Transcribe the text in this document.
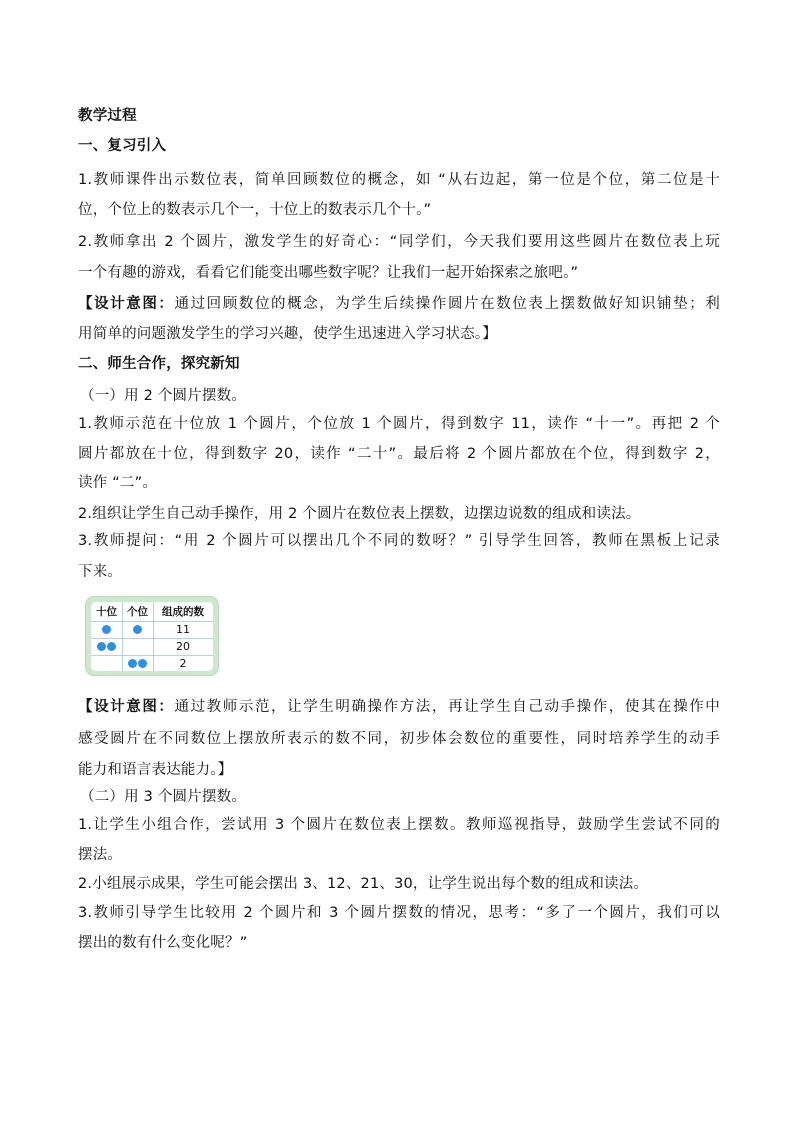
教学过程
一、复习引入
1.教师课件出示数位表，简单回顾数位的概念，如 “从右边起，第一位是个位，第二位是十
位，个位上的数表示几个一，十位上的数表示几个十。”
2.教师拿出 2 个圆片，激发学生的好奇心：“同学们，今天我们要用这些圆片在数位表上玩
一个有趣的游戏，看看它们能变出哪些数字呢？让我们一起开始探索之旅吧。”
【设计意图：通过回顾数位的概念，为学生后续操作圆片在数位表上摆数做好知识铺垫；利
用简单的问题激发学生的学习兴趣，使学生迅速进入学习状态。】
二、师生合作，探究新知
（一）用 2 个圆片摆数。
1.教师示范在十位放 1 个圆片，个位放 1 个圆片，得到数字 11，读作 “十一”。再把 2 个
圆片都放在十位，得到数字 20，读作 “二十”。最后将 2 个圆片都放在个位，得到数字 2，
读作 “二”。
2.组织让学生自己动手操作，用 2 个圆片在数位表上摆数，边摆边说数的组成和读法。
3.教师提问：“用 2 个圆片可以摆出几个不同的数呀？” 引导学生回答，教师在黑板上记录
下来。
十位 个位	组成的数
11
20
2
【设计意图：通过教师示范，让学生明确操作方法，再让学生自己动手操作，使其在操作中
感受圆片在不同数位上摆放所表示的数不同，初步体会数位的重要性，同时培养学生的动手
能力和语言表达能力。】
（二）用 3 个圆片摆数。
1.让学生小组合作，尝试用 3 个圆片在数位表上摆数。教师巡视指导，鼓励学生尝试不同的
摆法。
2.小组展示成果，学生可能会摆出 3、12、21、30，让学生说出每个数的组成和读法。
3.教师引导学生比较用 2 个圆片和 3 个圆片摆数的情况，思考：“多了一个圆片，我们可以
摆出的数有什么变化呢？”
